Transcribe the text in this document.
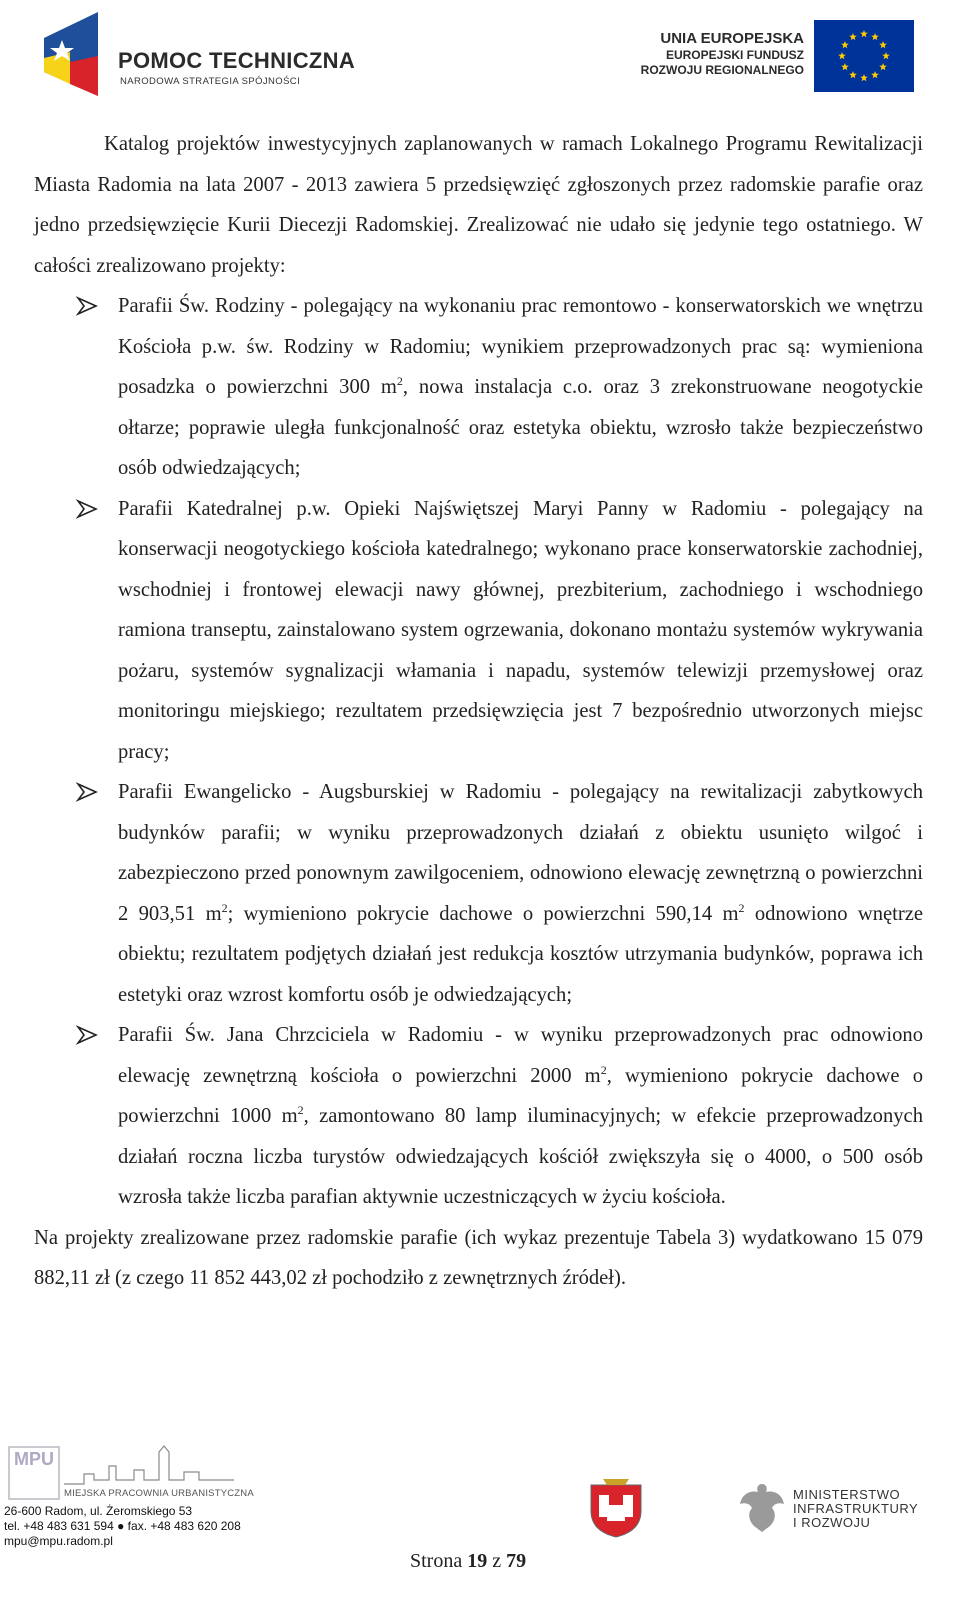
POMOC TECHNICZNA
NARODOWA STRATEGIA SPÓJNOŚCI
UNIA EUROPEJSKA
EUROPEJSKI FUNDUSZ
ROZWOJU REGIONALNEGO

Katalog projektów inwestycyjnych zaplanowanych w ramach Lokalnego Programu Rewitalizacji Miasta Radomia na lata 2007 - 2013 zawiera 5 przedsięwzięć zgłoszonych przez radomskie parafie oraz jedno przedsięwzięcie Kurii Diecezji Radomskiej. Zrealizować nie udało się jedynie tego ostatniego. W całości zrealizowano projekty:

Parafii Św. Rodziny - polegający na wykonaniu prac remontowo - konserwatorskich we wnętrzu Kościoła p.w. św. Rodziny w Radomiu; wynikiem przeprowadzonych prac są: wymieniona posadzka o powierzchni 300 $m^2$, nowa instalacja c.o. oraz 3 zrekonstruowane neogotyckie ołtarze; poprawie uległa funkcjonalność oraz estetyka obiektu, wzrosło także bezpieczeństwo osób odwiedzających;
Parafii Katedralnej p.w. Opieki Najświętszej Maryi Panny w Radomiu - polegający na konserwacji neogotyckiego kościoła katedralnego; wykonano prace konserwatorskie zachodniej, wschodniej i frontowej elewacji nawy głównej, prezbiterium, zachodniego i wschodniego ramiona transeptu, zainstalowano system ogrzewania, dokonano montażu systemów wykrywania pożaru, systemów sygnalizacji włamania i napadu, systemów telewizji przemysłowej oraz monitoringu miejskiego; rezultatem przedsięwzięcia jest 7 bezpośrednio utworzonych miejsc pracy;
Parafii Ewangelicko - Augsburskiej w Radomiu - polegający na rewitalizacji zabytkowych budynków parafii; w wyniku przeprowadzonych działań z obiektu usunięto wilgoć i zabezpieczono przed ponownym zawilgoceniem, odnowiono elewację zewnętrzną o powierzchni 2 903,51 $m^2$; wymieniono pokrycie dachowe o powierzchni 590,14 $m^2$ odnowiono wnętrze obiektu; rezultatem podjętych działań jest redukcja kosztów utrzymania budynków, poprawa ich estetyki oraz wzrost komfortu osób je odwiedzających;
Parafii Św. Jana Chrzciciela w Radomiu - w wyniku przeprowadzonych prac odnowiono elewację zewnętrzną kościoła o powierzchni 2000 $m^2$, wymieniono pokrycie dachowe o powierzchni 1000 $m^2$, zamontowano 80 lamp iluminacyjnych; w efekcie przeprowadzonych działań roczna liczba turystów odwiedzających kościół zwiększyła się o 4000, o 500 osób wzrosła także liczba parafian aktywnie uczestniczących w życiu kościoła.

Na projekty zrealizowane przez radomskie parafie (ich wykaz prezentuje Tabela 3) wydatkowano 15 079 882,11 zł (z czego 11 852 443,02 zł pochodziło z zewnętrznych źródeł).

MPU
MIEJSKA PRACOWNIA URBANISTYCZNA
26-600 Radom, ul. Żeromskiego 53
tel. +48 483 631 594 ● fax. +48 483 620 208
mpu@mpu.radom.pl
MINISTERSTWO
INFRASTRUKTURY
I ROZWOJU
Strona 19 z 79
